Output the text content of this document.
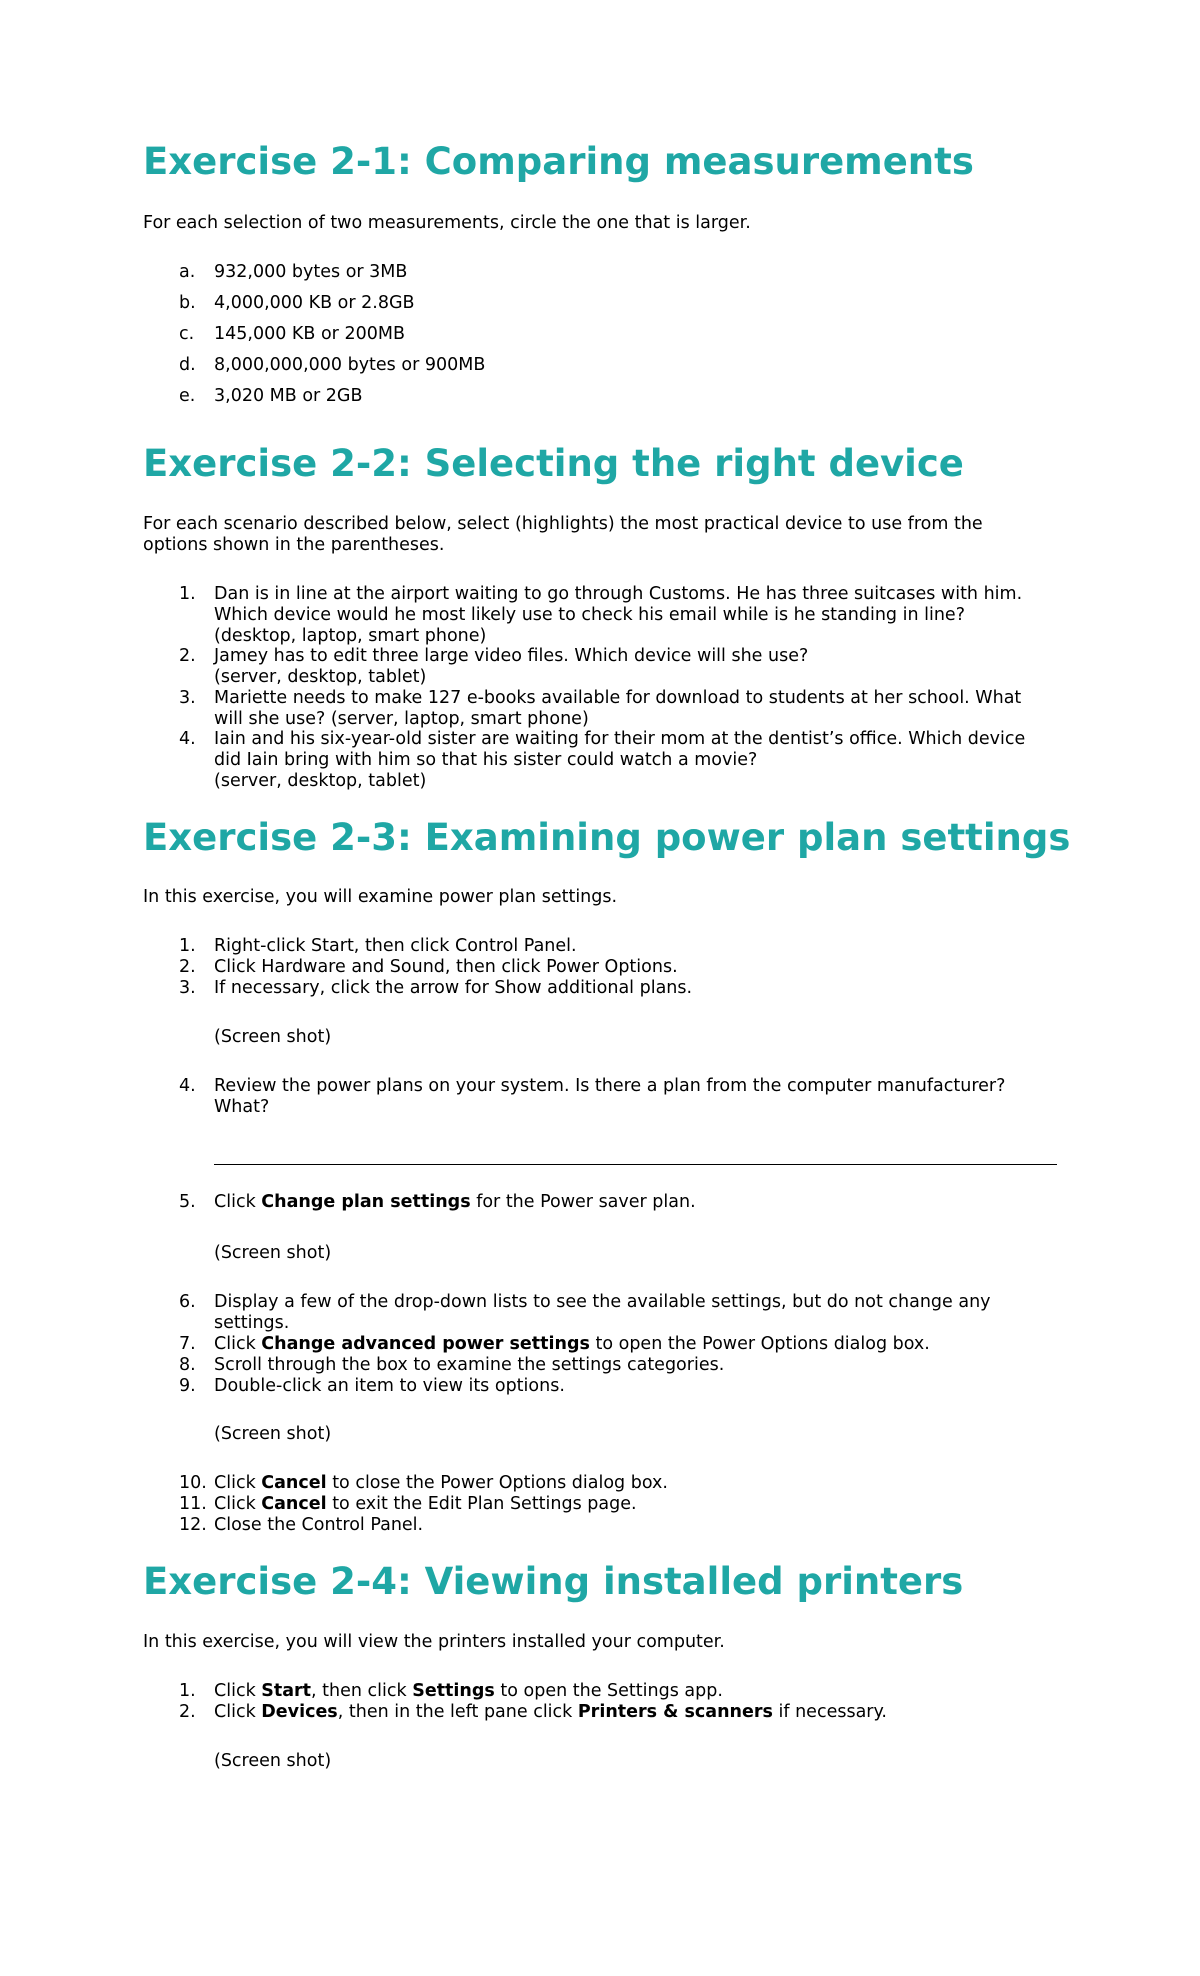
Exercise 2-1: Comparing measurements

For each selection of two measurements, circle the one that is larger.

a.	932,000 bytes or 3MB
b.	4,000,000 KB or 2.8GB
c.	145,000 KB or 200MB
d.	8,000,000,000 bytes or 900MB
e.	3,020 MB or 2GB
Exercise 2-2: Selecting the right device

For each scenario described below, select (highlights) the most practical device to use from the

options shown in the parentheses.

1.	Dan is in line at the airport waiting to go through Customs. He has three suitcases with him.
Which device would he most likely use to check his email while is he standing in line?
(desktop, laptop, smart phone)
2.	Jamey has to edit three large video files. Which device will she use?
(server, desktop, tablet)
3.	Mariette needs to make 127 e-books available for download to students at her school. What
will she use? (server, laptop, smart phone)
4.	Iain and his six-year-old sister are waiting for their mom at the dentist’s office. Which device
did Iain bring with him so that his sister could watch a movie?
(server, desktop, tablet)
Exercise 2-3: Examining power plan settings

In this exercise, you will examine power plan settings.

1.	Right-click Start, then click Control Panel.
2.	Click Hardware and Sound, then click Power Options.
3.	If necessary, click the arrow for Show additional plans.
(Screen shot)
4.	Review the power plans on your system. Is there a plan from the computer manufacturer?
What?
5.	Click Change plan settings for the Power saver plan.
(Screen shot)
6.	Display a few of the drop-down lists to see the available settings, but do not change any
settings.
7.	Click Change advanced power settings to open the Power Options dialog box.
8.	Scroll through the box to examine the settings categories.
9.	Double-click an item to view its options.
(Screen shot)
10. Click Cancel to close the Power Options dialog box.
11. Click Cancel to exit the Edit Plan Settings page.
12. Close the Control Panel.
Exercise 2-4: Viewing installed printers

In this exercise, you will view the printers installed your computer.

1.	Click Start, then click Settings to open the Settings app.
2.	Click Devices, then in the left pane click Printers & scanners if necessary.
(Screen shot)
